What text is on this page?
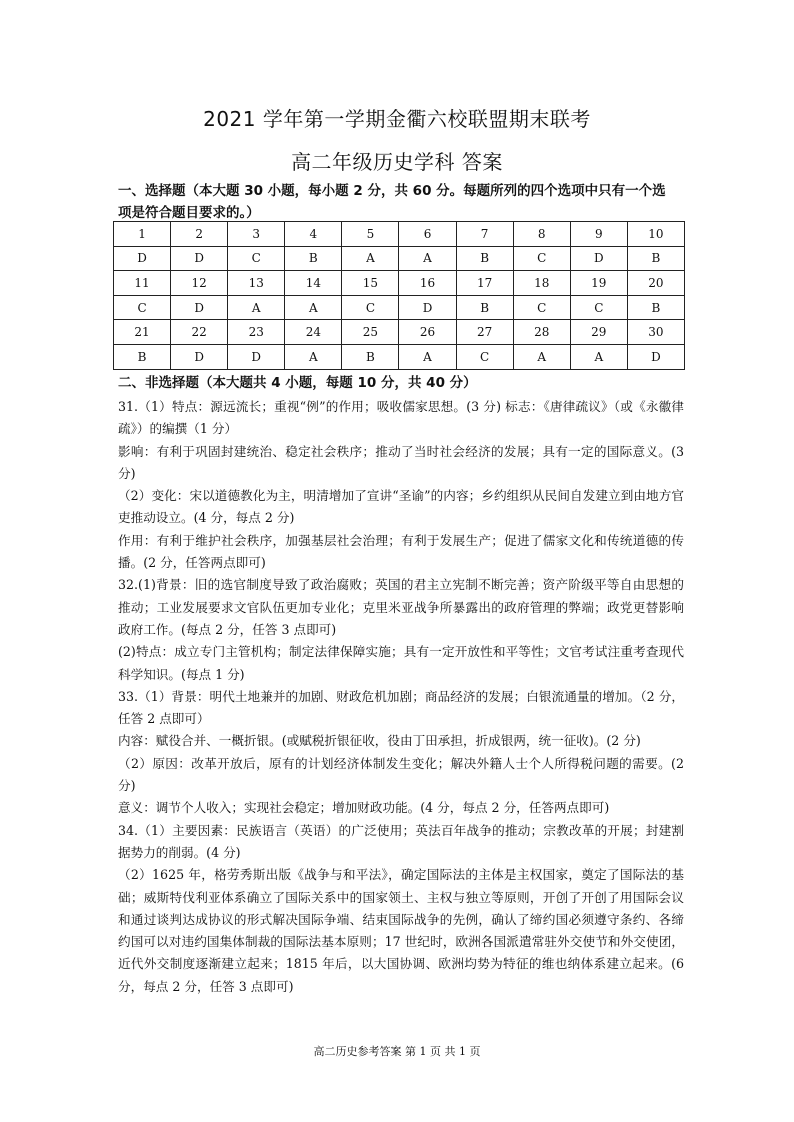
2021 学年第一学期金衢六校联盟期末联考
高二年级历史学科 答案
一、选择题（本大题 30 小题，每小题 2 分，共 60 分。每题所列的四个选项中只有一个选项是符合题目要求的。）
1	2	3	4	5	6	7	8	9	10
D	D	C	B	A	A	B	C	D	B
11	12	13	14	15	16	17	18	19	20
C	D	A	A	C	D	B	C	C	B
21	22	23	24	25	26	27	28	29	30
B	D	D	A	B	A	C	A	A	D
二、非选择题（本大题共 4 小题，每题 10 分，共 40 分）

31.（1）特点：源远流长；重视“例”的作用；吸收儒家思想。(3 分) 标志：《唐律疏议》（或《永徽律疏》）的编撰（1 分）

影响：有利于巩固封建统治、稳定社会秩序；推动了当时社会经济的发展；具有一定的国际意义。(3分)

（2）变化：宋以道德教化为主，明清增加了宣讲“圣谕”的内容；乡约组织从民间自发建立到由地方官吏推动设立。(4 分，每点 2 分)

作用：有利于维护社会秩序，加强基层社会治理；有利于发展生产；促进了儒家文化和传统道德的传播。(2 分，任答两点即可)

32.(1)背景：旧的选官制度导致了政治腐败；英国的君主立宪制不断完善；资产阶级平等自由思想的推动；工业发展要求文官队伍更加专业化；克里米亚战争所暴露出的政府管理的弊端；政党更替影响政府工作。(每点 2 分，任答 3 点即可)

(2)特点：成立专门主管机构；制定法律保障实施；具有一定开放性和平等性；文官考试注重考查现代科学知识。(每点 1 分)

33.（1）背景：明代土地兼并的加剧、财政危机加剧；商品经济的发展；白银流通量的增加。（2 分，任答 2 点即可）

内容：赋役合并、一概折银。(或赋税折银征收，役由丁田承担，折成银两，统一征收)。(2 分)

（2）原因：改革开放后，原有的计划经济体制发生变化；解决外籍人士个人所得税问题的需要。(2 分)

意义：调节个人收入；实现社会稳定；增加财政功能。(4 分，每点 2 分，任答两点即可)

34.（1）主要因素：民族语言（英语）的广泛使用；英法百年战争的推动；宗教改革的开展；封建割据势力的削弱。(4 分)

（2）1625 年，格劳秀斯出版《战争与和平法》，确定国际法的主体是主权国家，奠定了国际法的基础；威斯特伐利亚体系确立了国际关系中的国家领土、主权与独立等原则，开创了开创了用国际会议和通过谈判达成协议的形式解决国际争端、结束国际战争的先例，确认了缔约国必须遵守条约、各缔约国可以对违约国集体制裁的国际法基本原则；17 世纪时，欧洲各国派遣常驻外交使节和外交使团，近代外交制度逐渐建立起来；1815 年后，以大国协调、欧洲均势为特征的维也纳体系建立起来。(6 分，每点 2 分，任答 3 点即可)

高二历史参考答案 第 1 页 共 1 页
